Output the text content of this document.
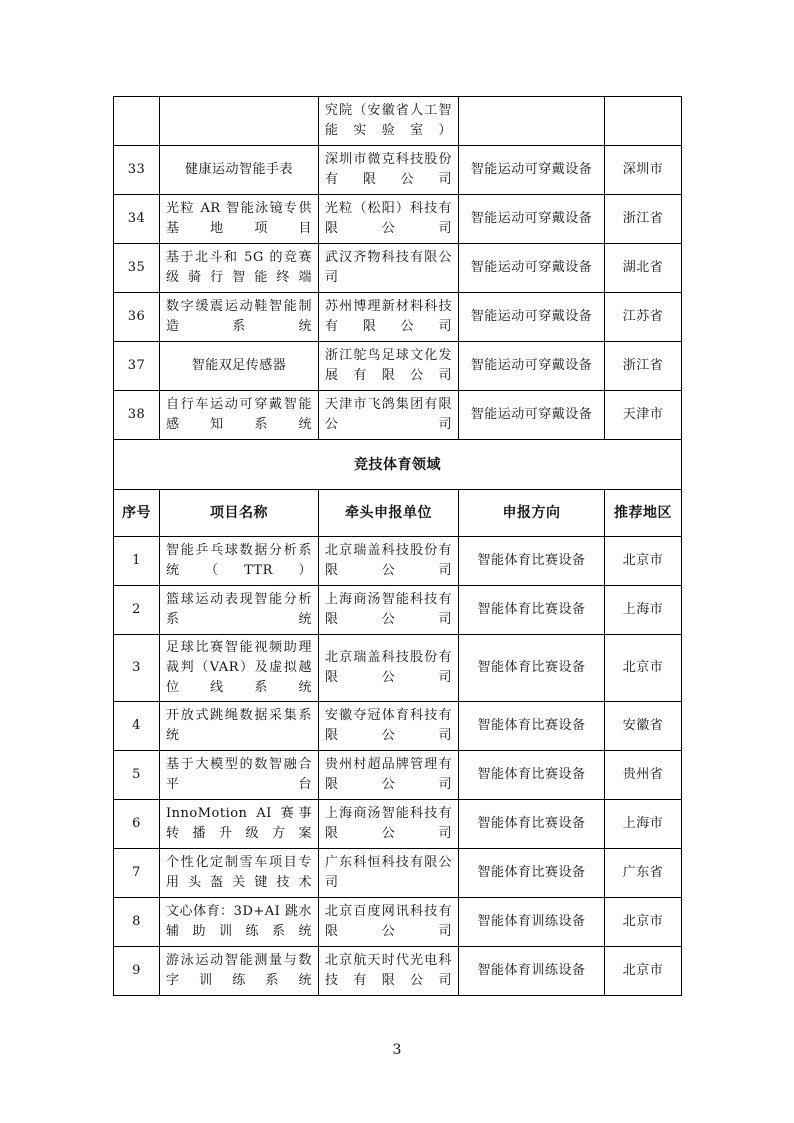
		究院（安徽省人工智能实验室）		
33	健康运动智能手表	深圳市微克科技股份有限公司	智能运动可穿戴设备	深圳市
34	光粒 AR 智能泳镜专供基地项目	光粒（松阳）科技有限公司	智能运动可穿戴设备	浙江省
35	基于北斗和 5G 的竞赛级骑行智能终端	武汉齐物科技有限公司	智能运动可穿戴设备	湖北省
36	数字缓震运动鞋智能制造系统	苏州博理新材料科技有限公司	智能运动可穿戴设备	江苏省
37	智能双足传感器	浙江鸵鸟足球文化发展有限公司	智能运动可穿戴设备	浙江省
38	自行车运动可穿戴智能感知系统	天津市飞鸽集团有限公司	智能运动可穿戴设备	天津市
竞技体育领域				
序号	项目名称	牵头申报单位	申报方向	推荐地区
1	智能乒乓球数据分析系统（TTR）	北京瑞盖科技股份有限公司	智能体育比赛设备	北京市
2	篮球运动表现智能分析系统	上海商汤智能科技有限公司	智能体育比赛设备	上海市
3	足球比赛智能视频助理裁判（VAR）及虚拟越位线系统	北京瑞盖科技股份有限公司	智能体育比赛设备	北京市
4	开放式跳绳数据采集系统	安徽夺冠体育科技有限公司	智能体育比赛设备	安徽省
5	基于大模型的数智融合平台	贵州村超品牌管理有限公司	智能体育比赛设备	贵州省
6	InnoMotion AI 赛事转播升级方案	上海商汤智能科技有限公司	智能体育比赛设备	上海市
7	个性化定制雪车项目专用头盔关键技术	广东科恒科技有限公司	智能体育比赛设备	广东省
8	文心体育：3D+AI 跳水辅助训练系统	北京百度网讯科技有限公司	智能体育训练设备	北京市
9	游泳运动智能测量与数字训练系统	北京航天时代光电科技有限公司	智能体育训练设备	北京市
3
